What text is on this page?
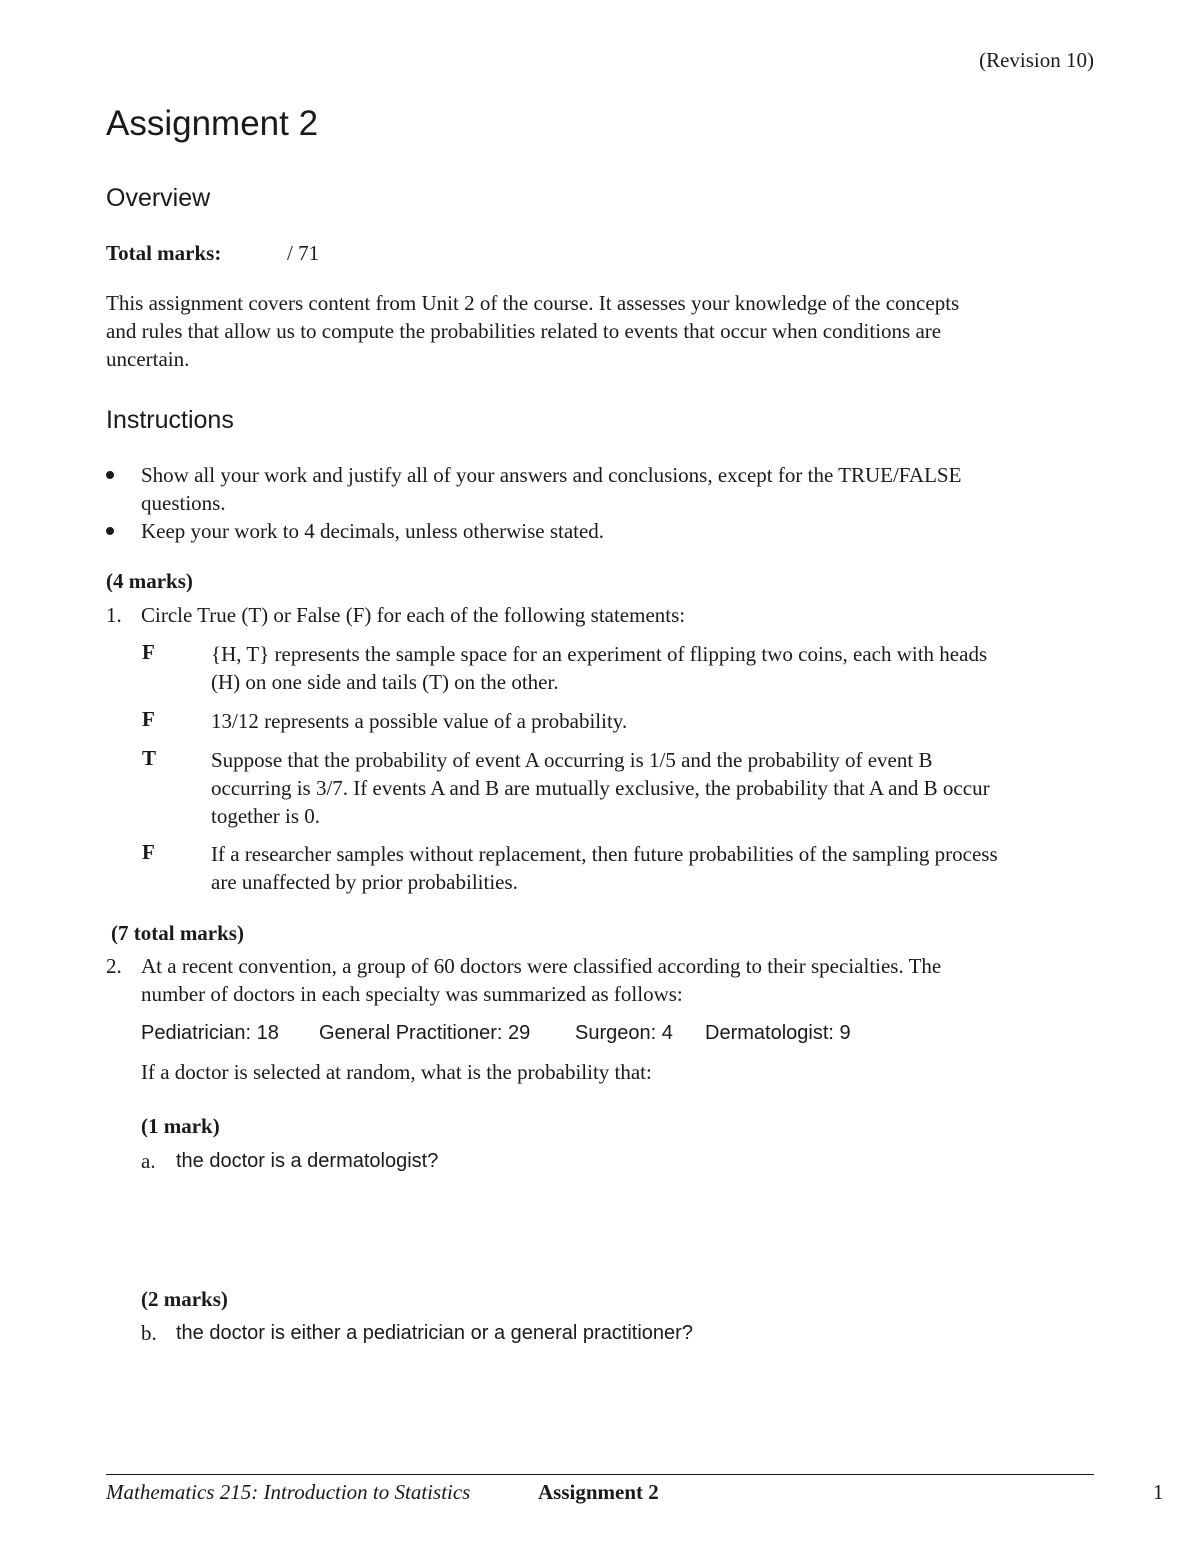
(Revision 10)
Assignment 2
Overview
Total marks:	/ 71
This assignment covers content from Unit 2 of the course. It assesses your knowledge of the concepts
and rules that allow us to compute the probabilities related to events that occur when conditions are
uncertain.
Instructions
Show all your work and justify all of your answers and conclusions, except for the TRUE/FALSE
questions.
Keep your work to 4 decimals, unless otherwise stated.
(4 marks)
1. Circle True (T) or False (F) for each of the following statements:
F	{H, T} represents the sample space for an experiment of flipping two coins, each with heads
(H) on one side and tails (T) on the other.
F	13/12 represents a possible value of a probability.
T	Suppose that the probability of event A occurring is 1/5 and the probability of event B
occurring is 3/7. If events A and B are mutually exclusive, the probability that A and B occur
together is 0.
F	If a researcher samples without replacement, then future probabilities of the sampling process
are unaffected by prior probabilities.
(7 total marks)
2. At a recent convention, a group of 60 doctors were classified according to their specialties. The
number of doctors in each specialty was summarized as follows:
Pediatrician: 18 General Practitioner: 29 Surgeon: 4 Dermatologist: 9
If a doctor is selected at random, what is the probability that:
(1 mark)
a. the doctor is a dermatologist?
(2 marks)
b. the doctor is either a pediatrician or a general practitioner?
Mathematics 215: Introduction to Statistics	Assignment 2	1
